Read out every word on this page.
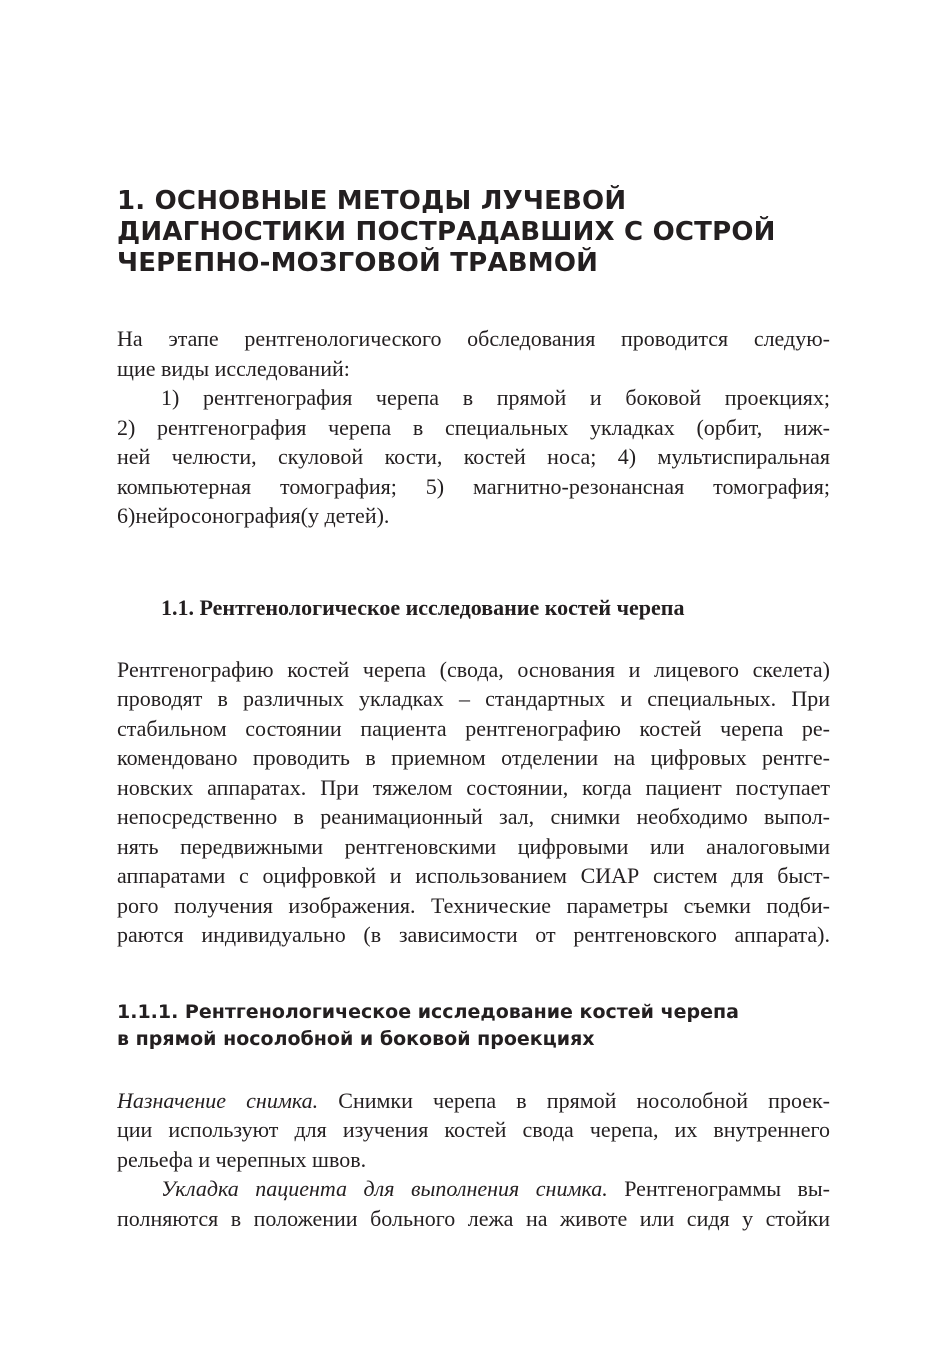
1. ОСНОВНЫЕ МЕТОДЫ ЛУЧЕВОЙ
ДИАГНОСТИКИ ПОСТРАДАВШИХ С ОСТРОЙ
ЧЕРЕПНО-МОЗГОВОЙ ТРАВМОЙ
На этапе рентгенологического обследования проводится следую-
щие виды исследований:
1) рентгенография черепа в прямой и боковой проекциях;
2) рентгенография черепа в специальных укладках (орбит, ниж-
ней челюсти, скуловой кости, костей носа; 4) мультиспиральная
компьютерная томография; 5) магнитно-резонансная томография;
6)нейросонография(у детей).
1.1. Рентгенологическое исследование костей черепа
Рентгенографию костей черепа (свода, основания и лицевого скелета)
проводят в различных укладках – стандартных и специальных. При
стабильном состоянии пациента рентгенографию костей черепа ре-
комендовано проводить в приемном отделении на цифровых рентге-
новских аппаратах. При тяжелом состоянии, когда пациент поступает
непосредственно в реанимационный зал, снимки необходимо выпол-
нять передвижными рентгеновскими цифровыми или аналоговыми
аппаратами с оцифровкой и использованием СИАР систем для быст-
рого получения изображения. Технические параметры съемки подби-
раются индивидуально (в зависимости от рентгеновского аппарата).
1.1.1. Рентгенологическое исследование костей черепа
в прямой носолобной и боковой проекциях
Назначение снимка. Снимки черепа в прямой носолобной проек-
ции используют для изучения костей свода черепа, их внутреннего
рельефа и черепных швов.
Укладка пациента для выполнения снимка. Рентгенограммы вы-
полняются в положении больного лежа на животе или сидя у стойки
